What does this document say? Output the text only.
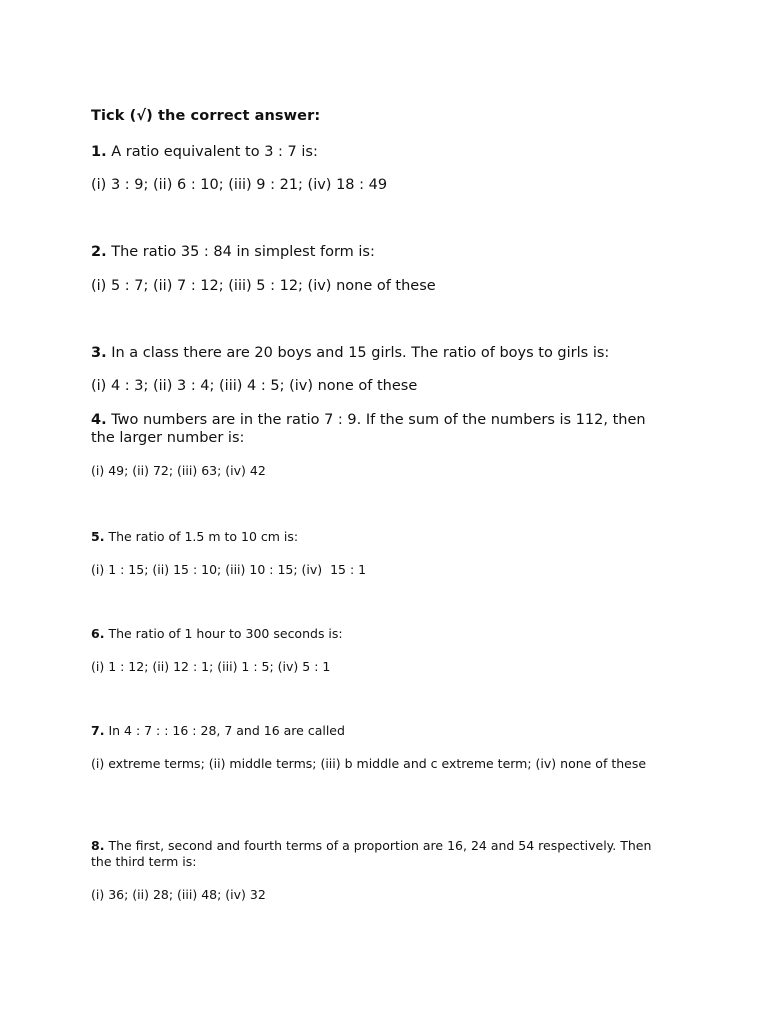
Tick (√) the correct answer:
1. A ratio equivalent to 3 : 7 is:
(i) 3 : 9; (ii) 6 : 10; (iii) 9 : 21; (iv) 18 : 49
2. The ratio 35 : 84 in simplest form is:
(i) 5 : 7; (ii) 7 : 12; (iii) 5 : 12; (iv) none of these
3. In a class there are 20 boys and 15 girls. The ratio of boys to girls is:
(i) 4 : 3; (ii) 3 : 4; (iii) 4 : 5; (iv) none of these
4. Two numbers are in the ratio 7 : 9. If the sum of the numbers is 112, then the larger number is:
(i) 49; (ii) 72; (iii) 63; (iv) 42
5. The ratio of 1.5 m to 10 cm is:
(i) 1 : 15; (ii) 15 : 10; (iii) 10 : 15; (iv)  15 : 1
6. The ratio of 1 hour to 300 seconds is:
(i) 1 : 12; (ii) 12 : 1; (iii) 1 : 5; (iv) 5 : 1
7. In 4 : 7 : : 16 : 28, 7 and 16 are called
(i) extreme terms; (ii) middle terms; (iii) b middle and c extreme term; (iv) none of these
8. The first, second and fourth terms of a proportion are 16, 24 and 54 respectively. Then the third term is:
(i) 36; (ii) 28; (iii) 48; (iv) 32
